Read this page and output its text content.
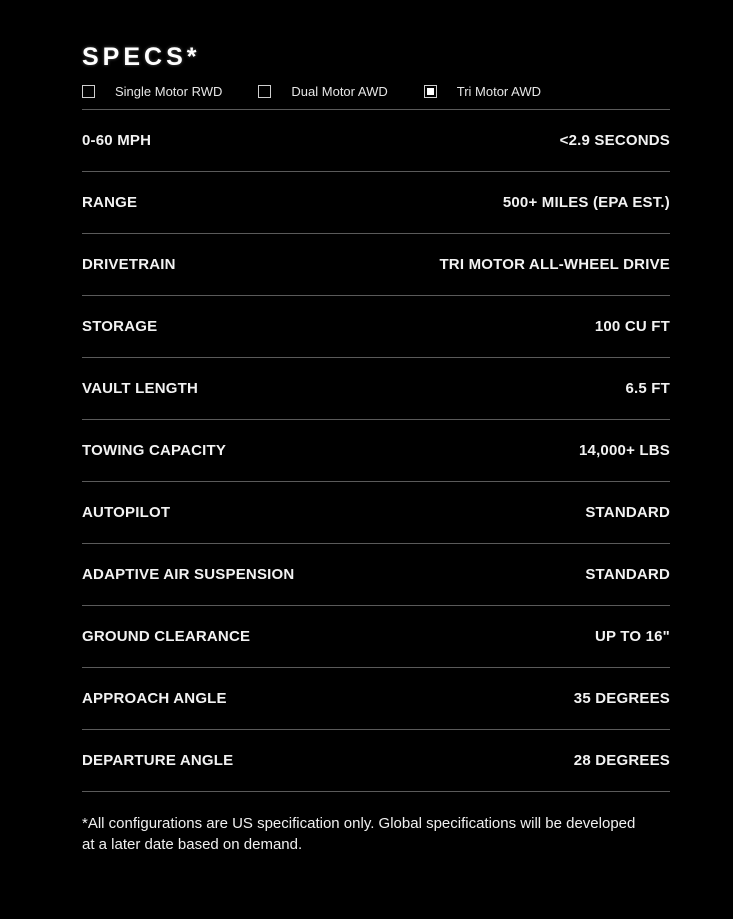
SPECS*
Single Motor RWD	Dual Motor AWD	Tri Motor AWD
0-60 MPH	<2.9 SECONDS
RANGE	500+ MILES (EPA EST.)
DRIVETRAIN	TRI MOTOR ALL-WHEEL DRIVE
STORAGE	100 CU FT
VAULT LENGTH	6.5 FT
TOWING CAPACITY	14,000+ LBS
AUTOPILOT	STANDARD
ADAPTIVE AIR SUSPENSION	STANDARD
GROUND CLEARANCE	UP TO 16"
APPROACH ANGLE	35 DEGREES
DEPARTURE ANGLE	28 DEGREES

*All configurations are US specification only. Global specifications will be developed at a later date based on demand.
